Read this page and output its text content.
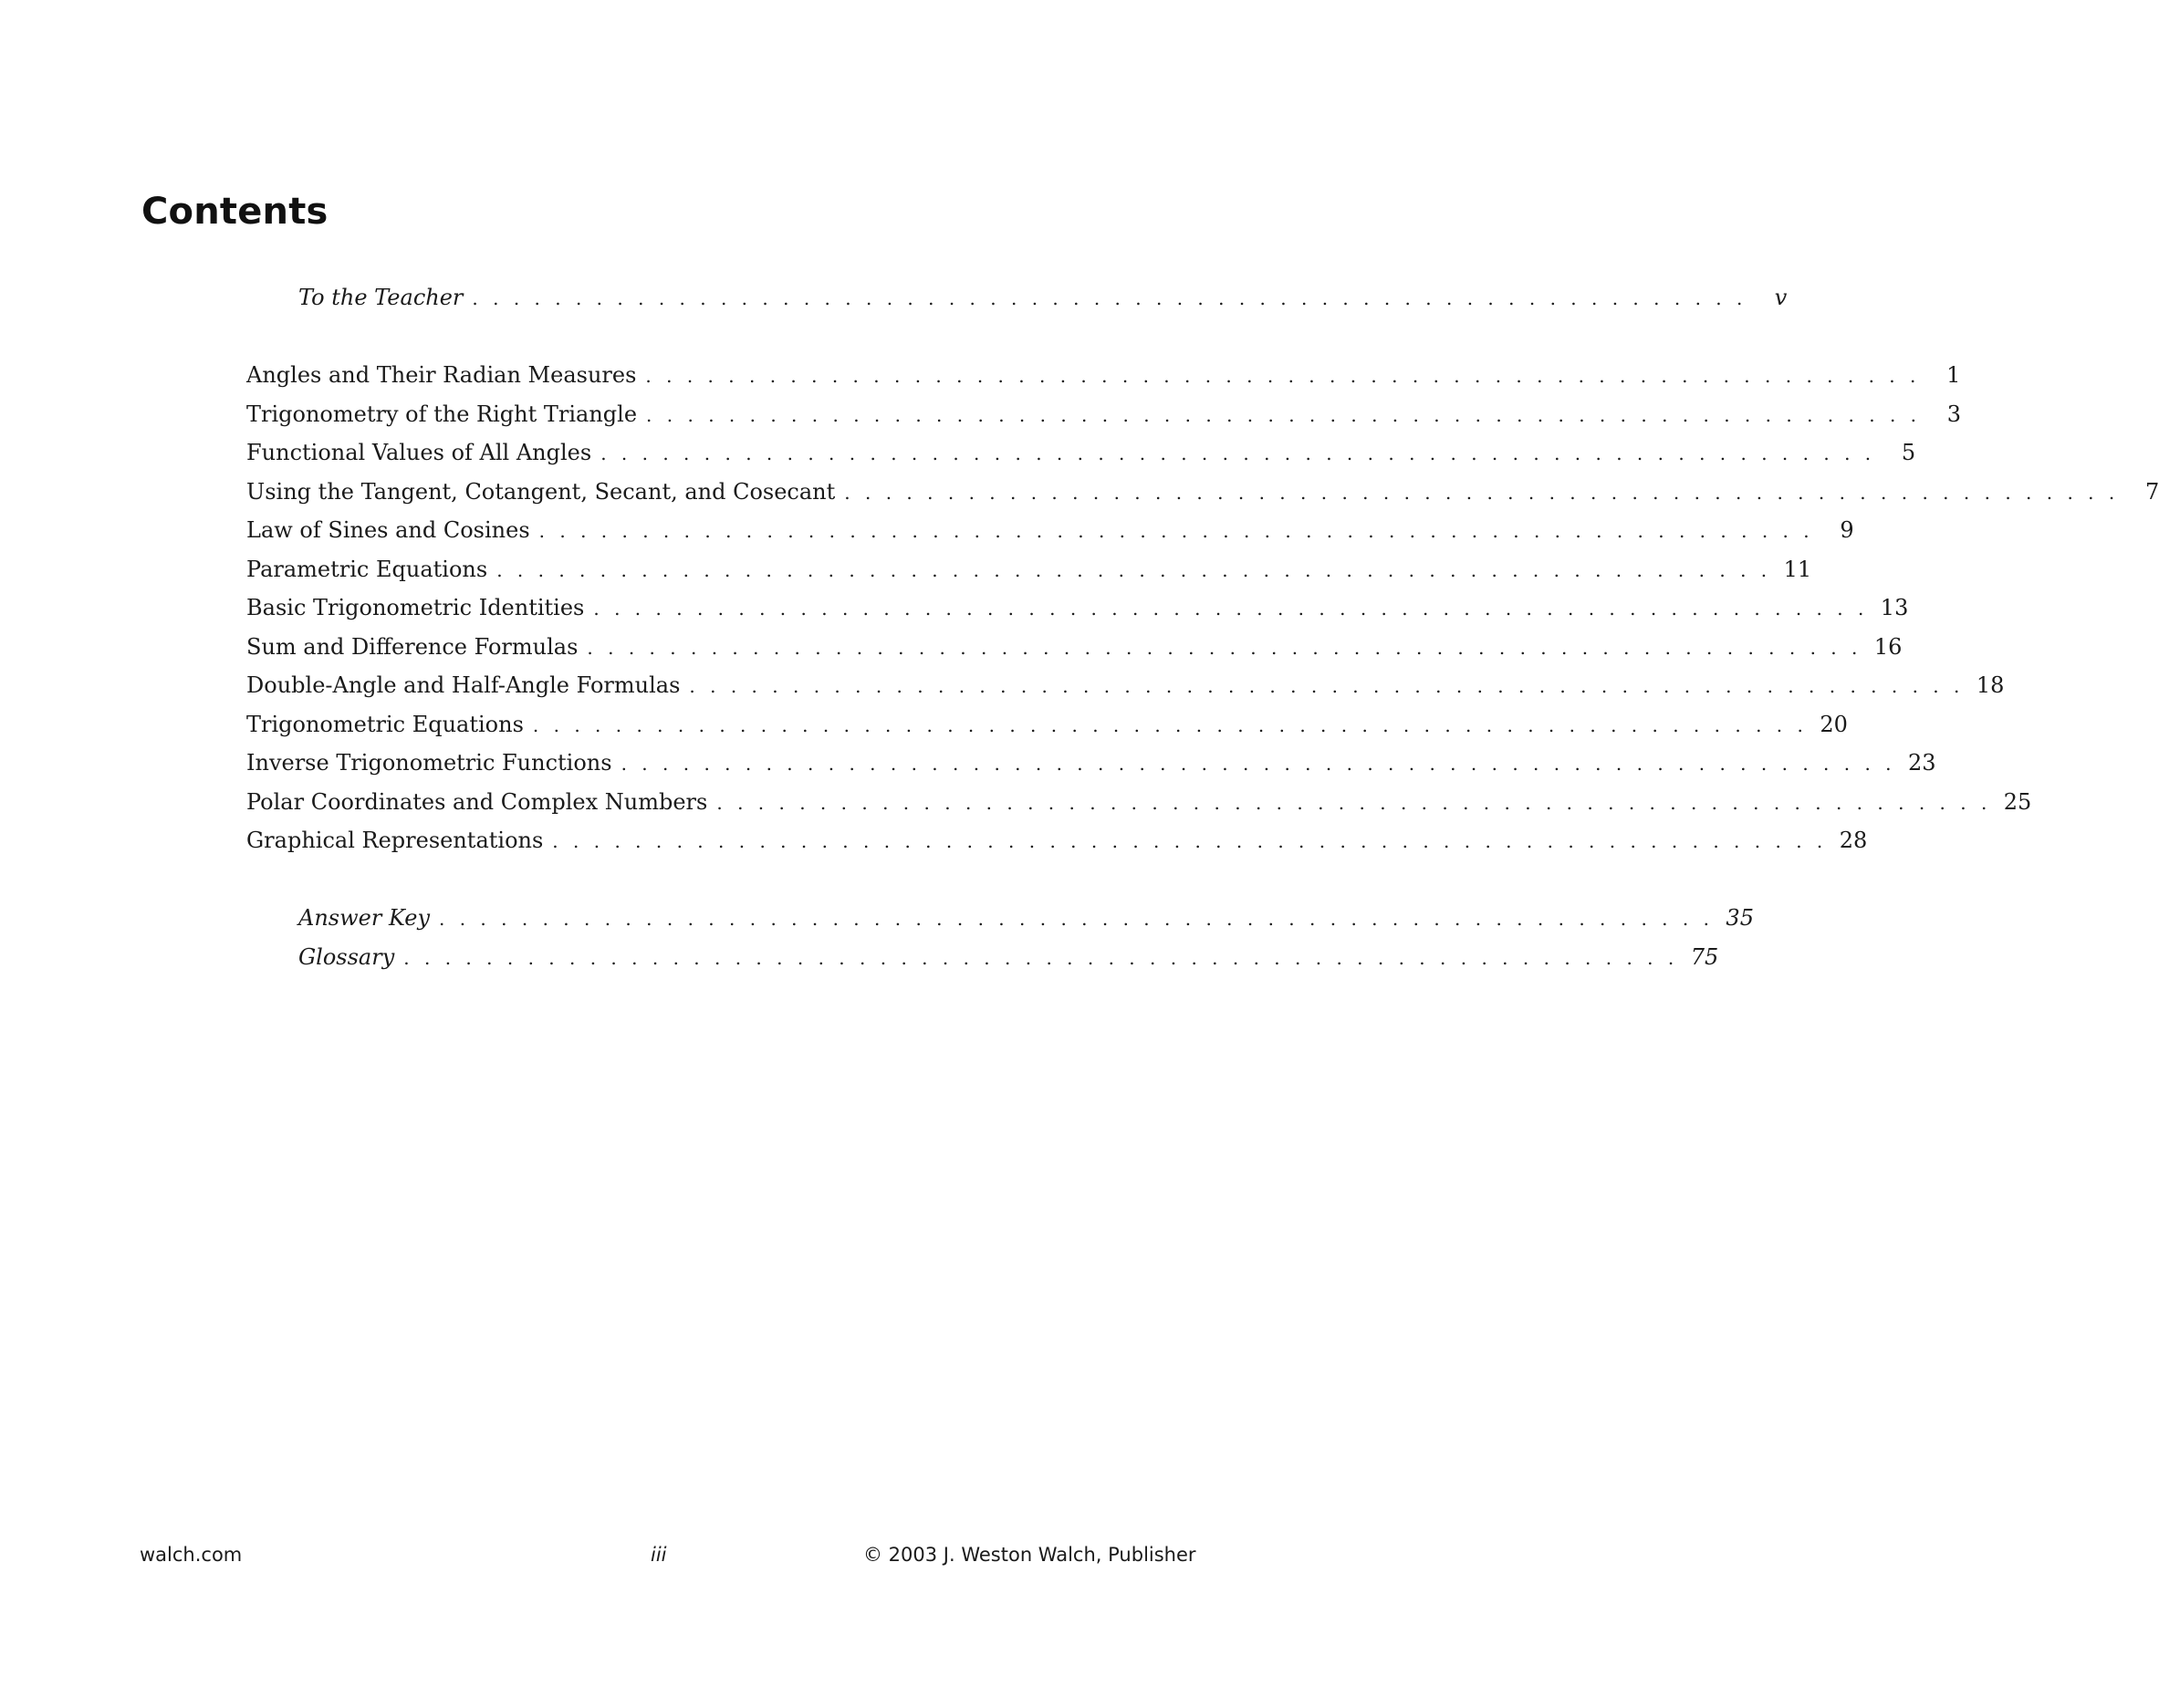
Contents
To the Teacher . . . . . . . . . . . . . . . . . . . . . . . . . . . . . . . . . . . . . . . . . . . . . . . . . . . . . . . . . . . . . .	v
Angles and Their Radian Measures . . . . . . . . . . . . . . . . . . . . . . . . . . . . . . . . . . . . . . . . . . . . . . . . . . . . . . . . . . . . . .	1
Trigonometry of the Right Triangle . . . . . . . . . . . . . . . . . . . . . . . . . . . . . . . . . . . . . . . . . . . . . . . . . . . . . . . . . . . . . .	3
Functional Values of All Angles . . . . . . . . . . . . . . . . . . . . . . . . . . . . . . . . . . . . . . . . . . . . . . . . . . . . . . . . . . . . . .	5
Using the Tangent, Cotangent, Secant, and Cosecant . . . . . . . . . . . . . . . . . . . . . . . . . . . . . . . . . . . . . . . . . . . . . . . . . . . . . . . . . . . . . .	7
Law of Sines and Cosines . . . . . . . . . . . . . . . . . . . . . . . . . . . . . . . . . . . . . . . . . . . . . . . . . . . . . . . . . . . . . .	9
Parametric Equations . . . . . . . . . . . . . . . . . . . . . . . . . . . . . . . . . . . . . . . . . . . . . . . . . . . . . . . . . . . . . . 11
Basic Trigonometric Identities . . . . . . . . . . . . . . . . . . . . . . . . . . . . . . . . . . . . . . . . . . . . . . . . . . . . . . . . . . . . . . 13
Sum and Difference Formulas . . . . . . . . . . . . . . . . . . . . . . . . . . . . . . . . . . . . . . . . . . . . . . . . . . . . . . . . . . . . . . 16
Double-Angle and Half-Angle Formulas . . . . . . . . . . . . . . . . . . . . . . . . . . . . . . . . . . . . . . . . . . . . . . . . . . . . . . . . . . . . . . 18
Trigonometric Equations . . . . . . . . . . . . . . . . . . . . . . . . . . . . . . . . . . . . . . . . . . . . . . . . . . . . . . . . . . . . . . 20
Inverse Trigonometric Functions . . . . . . . . . . . . . . . . . . . . . . . . . . . . . . . . . . . . . . . . . . . . . . . . . . . . . . . . . . . . . . 23
Polar Coordinates and Complex Numbers . . . . . . . . . . . . . . . . . . . . . . . . . . . . . . . . . . . . . . . . . . . . . . . . . . . . . . . . . . . . . . 25
Graphical Representations . . . . . . . . . . . . . . . . . . . . . . . . . . . . . . . . . . . . . . . . . . . . . . . . . . . . . . . . . . . . . . 28
Answer Key . . . . . . . . . . . . . . . . . . . . . . . . . . . . . . . . . . . . . . . . . . . . . . . . . . . . . . . . . . . . . . 35
Glossary . . . . . . . . . . . . . . . . . . . . . . . . . . . . . . . . . . . . . . . . . . . . . . . . . . . . . . . . . . . . . . 75
walch.com	iii	© 2003 J. Weston Walch, Publisher
